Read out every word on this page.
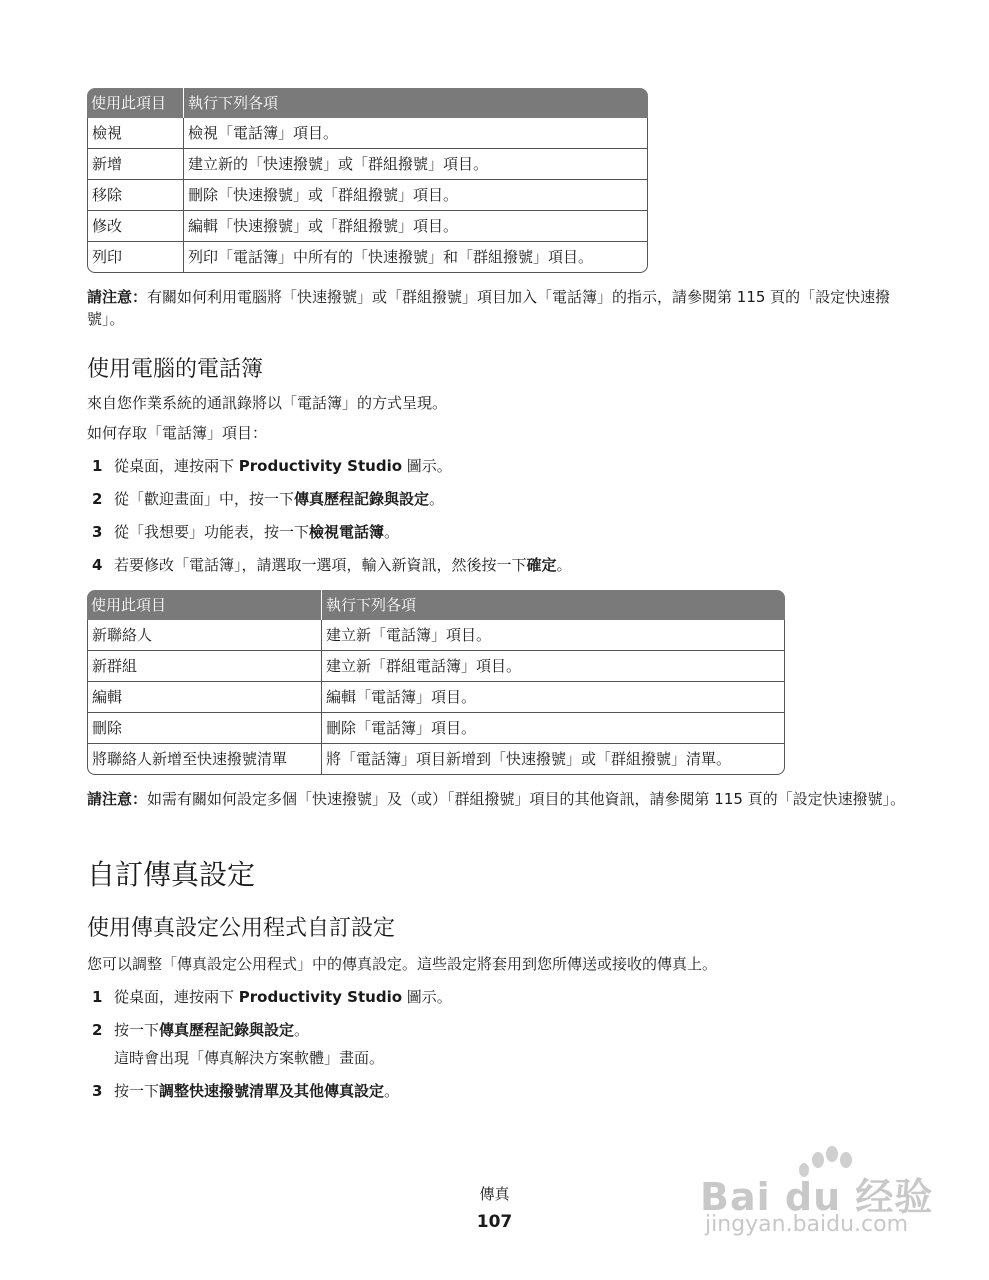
使用此項目	執行下列各項
檢視	檢視「電話簿」項目。
新增	建立新的「快速撥號」或「群組撥號」項目。
移除	刪除「快速撥號」或「群組撥號」項目。
修改	編輯「快速撥號」或「群組撥號」項目。
列印	列印「電話簿」中所有的「快速撥號」和「群組撥號」項目。
請注意：有關如何利用電腦將「快速撥號」或「群組撥號」項目加入「電話簿」的指示，請參閱第 115 頁的「設定快速撥號」。
使用電腦的電話簿
來自您作業系統的通訊錄將以「電話簿」的方式呈現。
如何存取「電話簿」項目：
1 從桌面，連按兩下 Productivity Studio 圖示。
2 從「歡迎畫面」中，按一下傳真歷程記錄與設定。
3 從「我想要」功能表，按一下檢視電話簿。
4 若要修改「電話簿」，請選取一選項，輸入新資訊，然後按一下確定。
使用此項目	執行下列各項
新聯絡人	建立新「電話簿」項目。
新群組	建立新「群組電話簿」項目。
編輯	編輯「電話簿」項目。
刪除	刪除「電話簿」項目。
將聯絡人新增至快速撥號清單	將「電話簿」項目新增到「快速撥號」或「群組撥號」清單。
請注意：如需有關如何設定多個「快速撥號」及（或）「群組撥號」項目的其他資訊，請參閱第 115 頁的「設定快速撥號」。
自訂傳真設定
使用傳真設定公用程式自訂設定
您可以調整「傳真設定公用程式」中的傳真設定。這些設定將套用到您所傳送或接收的傳真上。
1 從桌面，連按兩下 Productivity Studio 圖示。
2 按一下傳真歷程記錄與設定。
這時會出現「傳真解決方案軟體」畫面。
3 按一下調整快速撥號清單及其他傳真設定。
傳真
107
Bai du 经验
jingyan.baidu.com
